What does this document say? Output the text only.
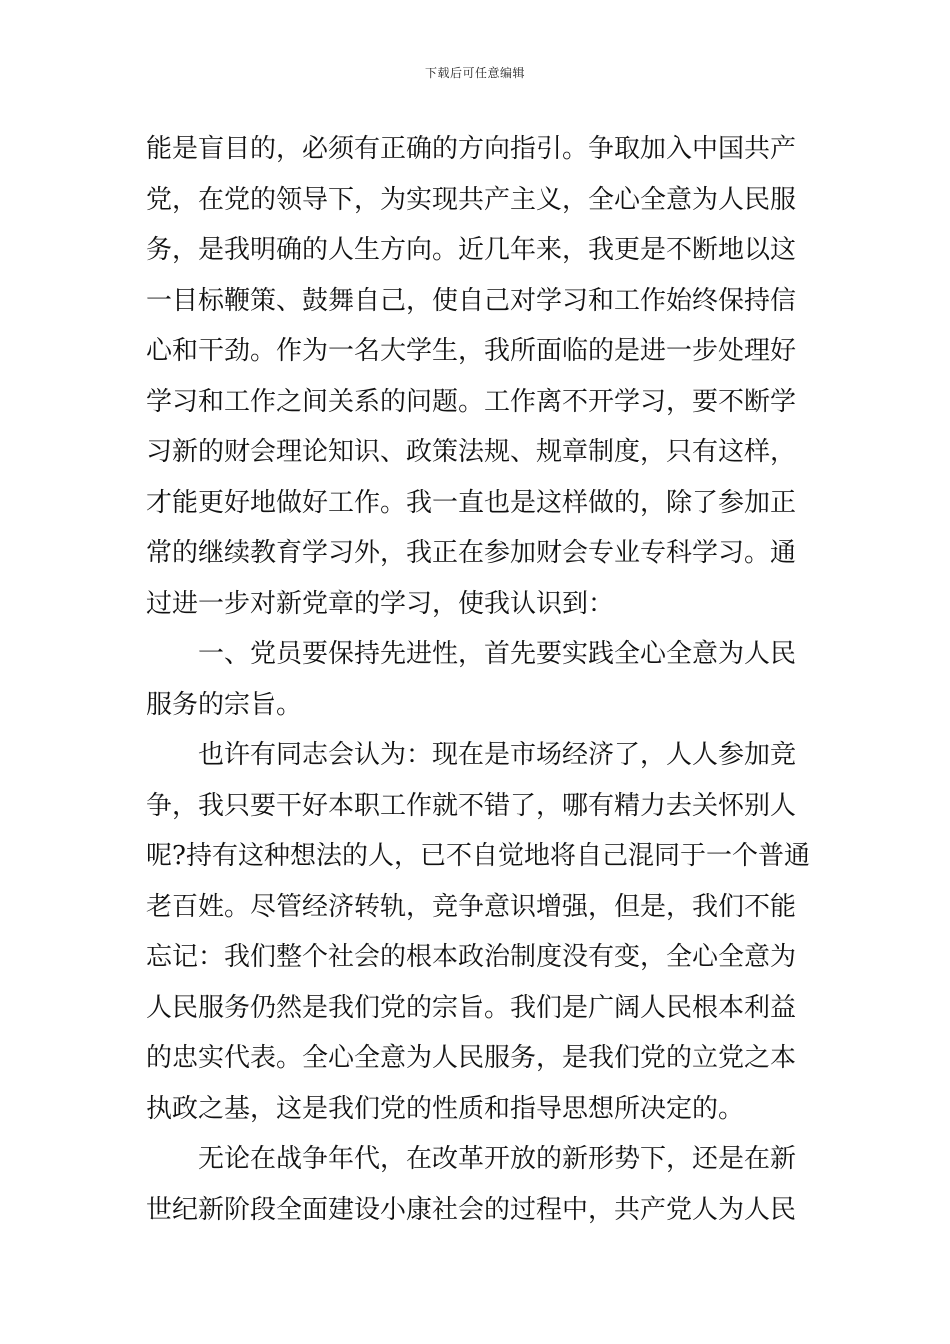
下载后可任意编辑
能是盲目的，必须有正确的方向指引。争取加入中国共产
党，在党的领导下，为实现共产主义，全心全意为人民服
务，是我明确的人生方向。近几年来，我更是不断地以这
一目标鞭策、鼓舞自己，使自己对学习和工作始终保持信
心和干劲。作为一名大学生，我所面临的是进一步处理好
学习和工作之间关系的问题。工作离不开学习，要不断学
习新的财会理论知识、政策法规、规章制度，只有这样，
才能更好地做好工作。我一直也是这样做的，除了参加正
常的继续教育学习外，我正在参加财会专业专科学习。通
过进一步对新党章的学习，使我认识到：
一、党员要保持先进性，首先要实践全心全意为人民
服务的宗旨。
也许有同志会认为：现在是市场经济了，人人参加竞
争，我只要干好本职工作就不错了，哪有精力去关怀别人
呢?持有这种想法的人，已不自觉地将自己混同于一个普通
老百姓。尽管经济转轨，竞争意识增强，但是，我们不能
忘记：我们整个社会的根本政治制度没有变，全心全意为
人民服务仍然是我们党的宗旨。我们是广阔人民根本利益
的忠实代表。全心全意为人民服务，是我们党的立党之本
执政之基，这是我们党的性质和指导思想所决定的。
无论在战争年代，在改革开放的新形势下，还是在新
世纪新阶段全面建设小康社会的过程中，共产党人为人民
